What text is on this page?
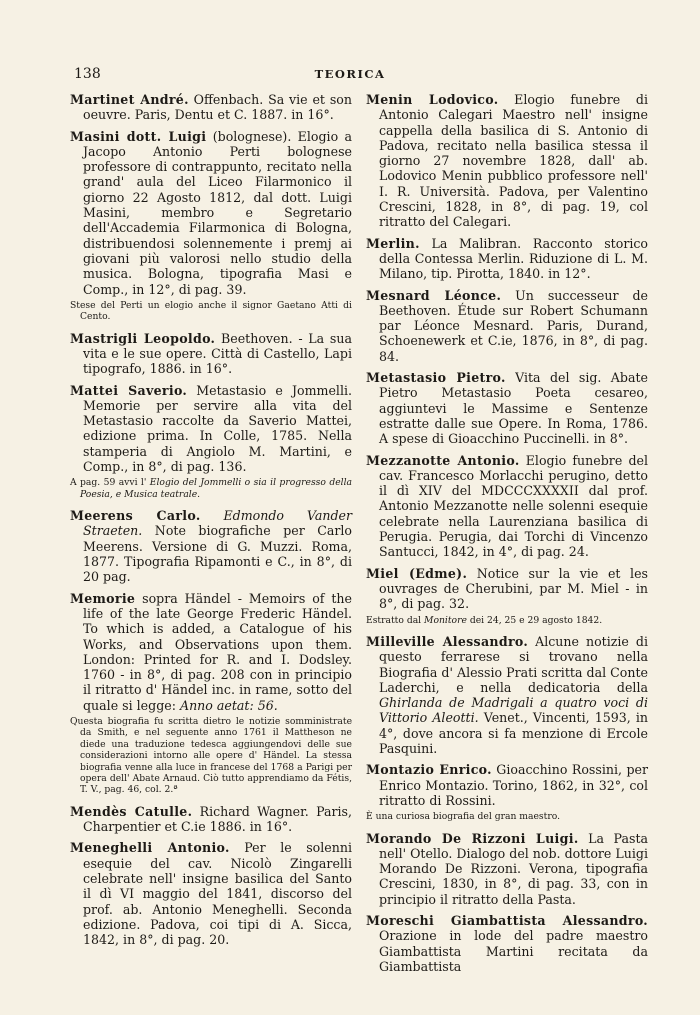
138	TEORICA

Martinet André. Offenbach. Sa vie et son oeuvre. Paris, Dentu et C. 1887. in 16°.

Masini dott. Luigi (bolognese). Elogio a Jacopo Antonio Perti bolognese professore di contrappunto, recitato nella grand' aula del Liceo Filarmonico il giorno 22 Agosto 1812, dal dott. Luigi Masini, membro e Segretario dell'Accademia Filarmonica di Bologna, distribuendosi solennemente i premj ai giovani più valorosi nello studio della musica. Bologna, tipografia Masi e Comp., in 12°, di pag. 39.

Stese del Perti un elogio anche il signor Gaetano Atti di Cento.

Mastrigli Leopoldo. Beethoven. - La sua vita e le sue opere. Città di Castello, Lapi tipografo, 1886. in 16°.

Mattei Saverio. Metastasio e Jommelli. Memorie per servire alla vita del Metastasio raccolte da Saverio Mattei, edizione prima. In Colle, 1785. Nella stamperia di Angiolo M. Martini, e Comp., in 8°, di pag. 136.

A pag. 59 avvi l' Elogio del Jommelli o sia il progresso della Poesia, e Musica teatrale.

Meerens Carlo. Edmondo Vander Straeten. Note biografiche per Carlo Meerens. Versione di G. Muzzi. Roma, 1877. Tipografia Ripamonti e C., in 8°, di 20 pag.

Memorie sopra Händel - Memoirs of the life of the late George Frederic Händel. To which is added, a Catalogue of his Works, and Observations upon them. London: Printed for R. and I. Dodsley. 1760 - in 8°, di pag. 208 con in principio il ritratto d' Händel inc. in rame, sotto del quale si legge: Anno aetat: 56.

Questa biografia fu scritta dietro le notizie somministrate da Smith, e nel seguente anno 1761 il Mattheson ne diede una traduzione tedesca aggiungendovi delle sue considerazioni intorno alle opere d' Händel. La stessa biografia venne alla luce in francese del 1768 a Parigi per opera dell' Abate Arnaud. Ciò tutto apprendiamo da Fétis, T. V., pag. 46, col. 2.ª

Mendès Catulle. Richard Wagner. Paris, Charpentier et C.ie 1886. in 16°.

Meneghelli Antonio. Per le solenni esequie del cav. Nicolò Zingarelli celebrate nell' insigne basilica del Santo il dì VI maggio del 1841, discorso del prof. ab. Antonio Meneghelli. Seconda edizione. Padova, coi tipi di A. Sicca, 1842, in 8°, di pag. 20.

Menin Lodovico. Elogio funebre di Antonio Calegari Maestro nell' insigne cappella della basilica di S. Antonio di Padova, recitato nella basilica stessa il giorno 27 novembre 1828, dall' ab. Lodovico Menin pubblico professore nell' I. R. Università. Padova, per Valentino Crescini, 1828, in 8°, di pag. 19, col ritratto del Calegari.

Merlin. La Malibran. Racconto storico della Contessa Merlin. Riduzione di L. M. Milano, tip. Pirotta, 1840. in 12°.

Mesnard Léonce. Un successeur de Beethoven. Étude sur Robert Schumann par Léonce Mesnard. Paris, Durand, Schoenewerk et C.ie, 1876, in 8°, di pag. 84.

Metastasio Pietro. Vita del sig. Abate Pietro Metastasio Poeta cesareo, aggiuntevi le Massime e Sentenze estratte dalle sue Opere. In Roma, 1786. A spese di Gioacchino Puccinelli. in 8°.

Mezzanotte Antonio. Elogio funebre del cav. Francesco Morlacchi perugino, detto il dì XIV del MDCCCXXXXII dal prof. Antonio Mezzanotte nelle solenni esequie celebrate nella Laurenziana basilica di Perugia. Perugia, dai Torchi di Vincenzo Santucci, 1842, in 4°, di pag. 24.

Miel (Edme). Notice sur la vie et les ouvrages de Cherubini, par M. Miel - in 8°, di pag. 32.

Estratto dal Monitore dei 24, 25 e 29 agosto 1842.

Milleville Alessandro. Alcune notizie di questo ferrarese si trovano nella Biografia d' Alessio Prati scritta dal Conte Laderchi, e nella dedicatoria della Ghirlanda de Madrigali a quatro voci di Vittorio Aleotti. Venet., Vincenti, 1593, in 4°, dove ancora si fa menzione di Ercole Pasquini.

Montazio Enrico. Gioacchino Rossini, per Enrico Montazio. Torino, 1862, in 32°, col ritratto di Rossini.

È una curiosa biografia del gran maestro.

Morando De Rizzoni Luigi. La Pasta nell' Otello. Dialogo del nob. dottore Luigi Morando De Rizzoni. Verona, tipografia Crescini, 1830, in 8°, di pag. 33, con in principio il ritratto della Pasta.

Moreschi Giambattista Alessandro. Orazione in lode del padre maestro Giambattista Martini recitata da Giambattista
